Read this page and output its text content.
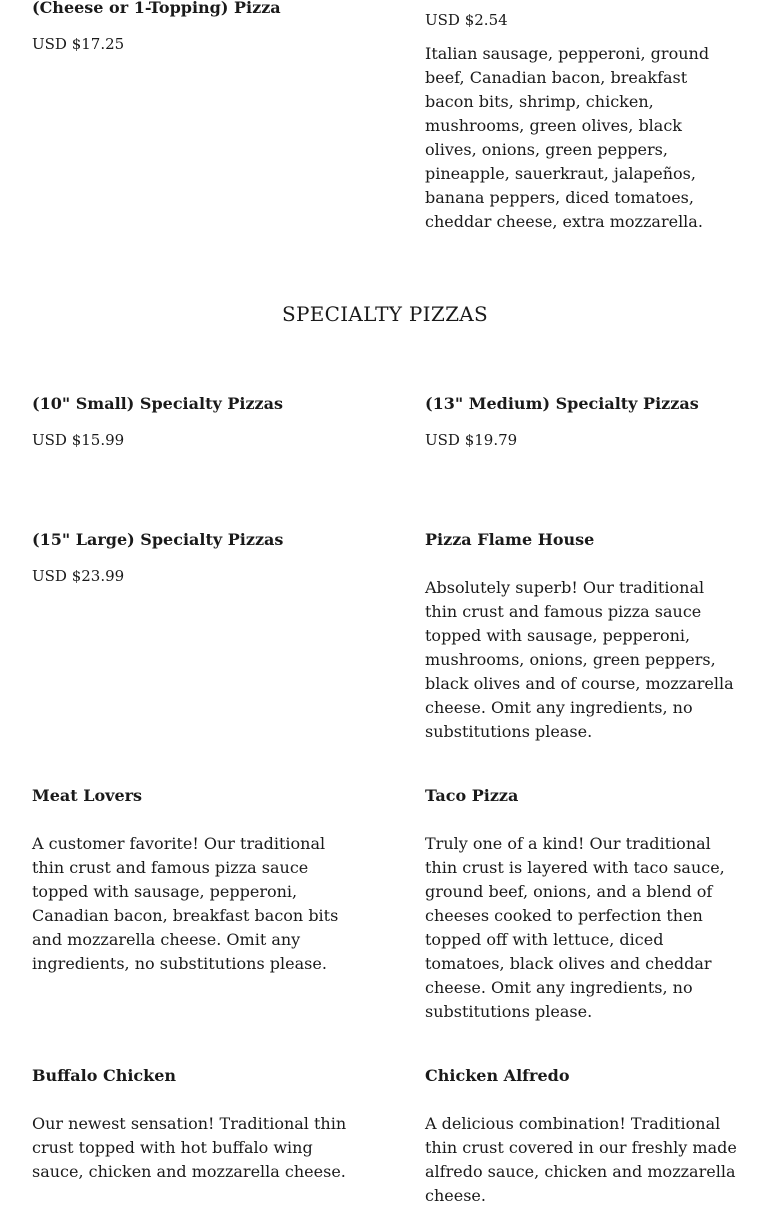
(Cheese or 1-Topping) Pizza
USD $17.25
USD $2.54
Italian sausage, pepperoni, ground beef, Canadian bacon, breakfast bacon bits, shrimp, chicken, mushrooms, green olives, black olives, onions, green peppers, pineapple, sauerkraut, jalapeños, banana peppers, diced tomatoes, cheddar cheese, extra mozzarella.
SPECIALTY PIZZAS
(10" Small) Specialty Pizzas
USD $15.99
(13" Medium) Specialty Pizzas
USD $19.79
(15" Large) Specialty Pizzas
USD $23.99
Pizza Flame House
Absolutely superb! Our traditional thin crust and famous pizza sauce topped with sausage, pepperoni, mushrooms, onions, green peppers, black olives and of course, mozzarella cheese. Omit any ingredients, no substitutions please.
Meat Lovers
A customer favorite! Our traditional thin crust and famous pizza sauce topped with sausage, pepperoni, Canadian bacon, breakfast bacon bits and mozzarella cheese. Omit any ingredients, no substitutions please.
Taco Pizza
Truly one of a kind! Our traditional thin crust is layered with taco sauce, ground beef, onions, and a blend of cheeses cooked to perfection then topped off with lettuce, diced tomatoes, black olives and cheddar cheese. Omit any ingredients, no substitutions please.
Buffalo Chicken
Our newest sensation! Traditional thin crust topped with hot buffalo wing sauce, chicken and mozzarella cheese.
Chicken Alfredo
A delicious combination! Traditional thin crust covered in our freshly made alfredo sauce, chicken and mozzarella cheese.
